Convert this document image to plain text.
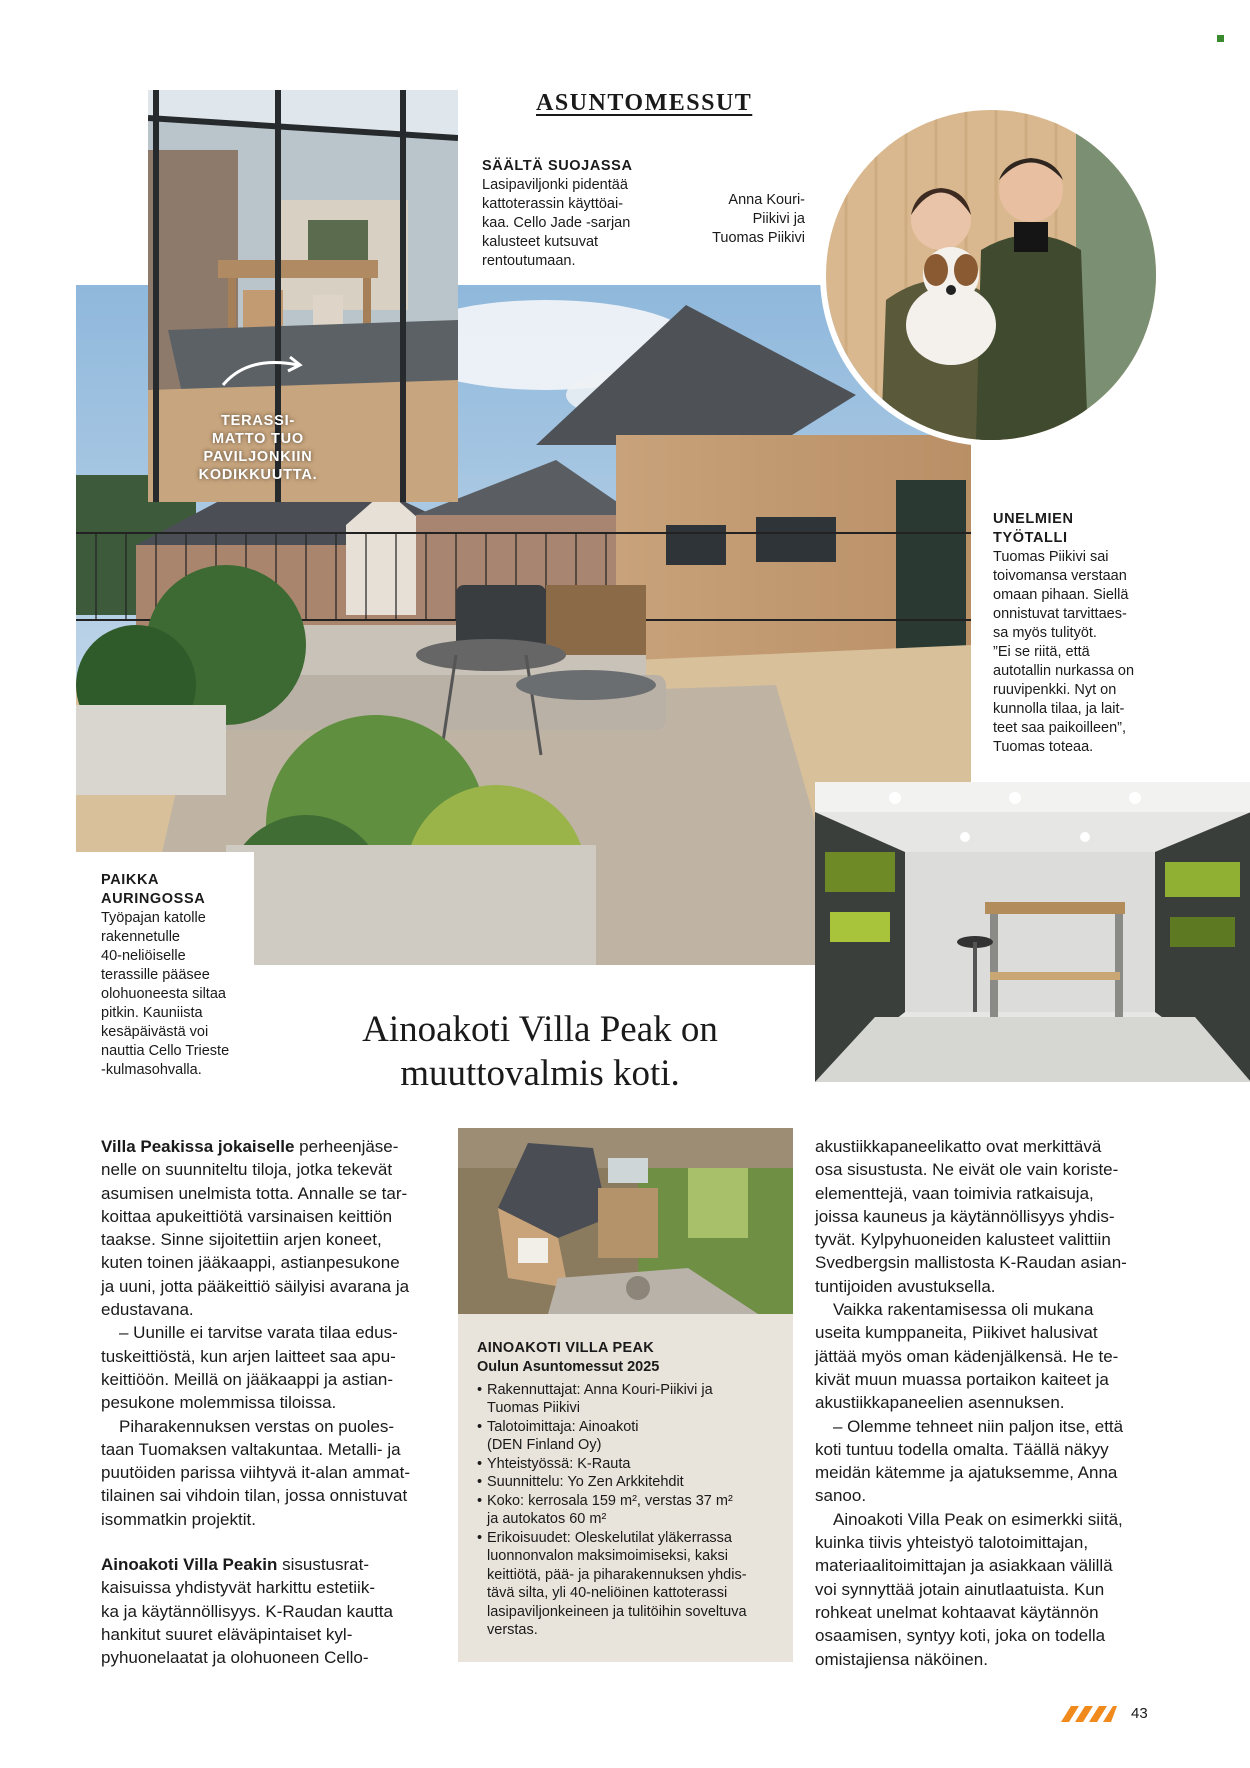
TERASSI-
MATTO TUO
PAVILJONKIIN
KODIKKUUTTA.
ASUNTOMESSUT
SÄÄLTÄ SUOJASSA
Lasipaviljonki pidentää
kattoterassin käyttöai-
kaa. Cello Jade -sarjan
kalusteet kutsuvat
rentoutumaan.
Anna Kouri-
Piikivi ja
Tuomas Piikivi
UNELMIEN
TYÖTALLI
Tuomas Piikivi sai
toivomansa verstaan
omaan pihaan. Siellä
onnistuvat tarvittaes-
sa myös tulityöt.
”Ei se riitä, että
autotallin nurkassa on
ruuvipenkki. Nyt on
kunnolla tilaa, ja lait-
teet saa paikoilleen”,
Tuomas toteaa.
PAIKKA
AURINGOSSA
Työpajan katolle
rakennetulle
40-neliöiselle
terassille pääsee
olohuoneesta siltaa
pitkin. Kauniista
kesäpäivästä voi
nauttia Cello Trieste
-kulmasohvalla.
Ainoakoti Villa Peak on
muuttovalmis koti.

Villa Peakissa jokaiselle perheenjäse-
nelle on suunniteltu tiloja, jotka tekevät
asumisen unelmista totta. Annalle se tar-
koittaa apukeittiötä varsinaisen keittiön
taakse. Sinne sijoitettiin arjen koneet,
kuten toinen jääkaappi, astianpesukone
ja uuni, jotta pääkeittiö säilyisi avarana ja
edustavana.

– Uunille ei tarvitse varata tilaa edus-
tuskeittiöstä, kun arjen laitteet saa apu-
keittiöön. Meillä on jääkaappi ja astian-
pesukone molemmissa tiloissa.

Piharakennuksen verstas on puoles-
taan Tuomaksen valtakuntaa. Metalli- ja
puutöiden parissa viihtyvä it-alan ammat-
tilainen sai vihdoin tilan, jossa onnistuvat
isommatkin projektit.

Ainoakoti Villa Peakin sisustusrat-
kaisuissa yhdistyvät harkittu estetiik-
ka ja käytännöllisyys. K-Raudan kautta
hankitut suuret eläväpintaiset kyl-
pyhuonelaatat ja olohuoneen Cello-

AINOAKOTI VILLA PEAK
Oulun Asuntomessut 2025
• Rakennuttajat: Anna Kouri-Piikivi ja
Tuomas Piikivi
• Talotoimittaja: Ainoakoti
(DEN Finland Oy)
• Yhteistyössä: K-Rauta
• Suunnittelu: Yo Zen Arkkitehdit
• Koko: kerrosala 159 m², verstas 37 m²
ja autokatos 60 m²
• Erikoisuudet: Oleskelutilat yläkerrassa
luonnonvalon maksimoimiseksi, kaksi
keittiötä, pää- ja piharakennuksen yhdis-
tävä silta, yli 40-neliöinen kattoterassi
lasipaviljonkeineen ja tulitöihin soveltuva
verstas.

akustiikkapaneelikatto ovat merkittävä
osa sisustusta. Ne eivät ole vain koriste-
elementtejä, vaan toimivia ratkaisuja,
joissa kauneus ja käytännöllisyys yhdis-
tyvät. Kylpyhuoneiden kalusteet valittiin
Svedbergsin mallistosta K-Raudan asian-
tuntijoiden avustuksella.

Vaikka rakentamisessa oli mukana
useita kumppaneita, Piikivet halusivat
jättää myös oman kädenjälkensä. He te-
kivät muun muassa portaikon kaiteet ja
akustiikkapaneelien asennuksen.

– Olemme tehneet niin paljon itse, että
koti tuntuu todella omalta. Täällä näkyy
meidän kätemme ja ajatuksemme, Anna
sanoo.

Ainoakoti Villa Peak on esimerkki siitä,
kuinka tiivis yhteistyö talotoimittajan,
materiaalitoimittajan ja asiakkaan välillä
voi synnyttää jotain ainutlaatuista. Kun
rohkeat unelmat kohtaavat käytännön
osaamisen, syntyy koti, joka on todella
omistajiensa näköinen.

43
